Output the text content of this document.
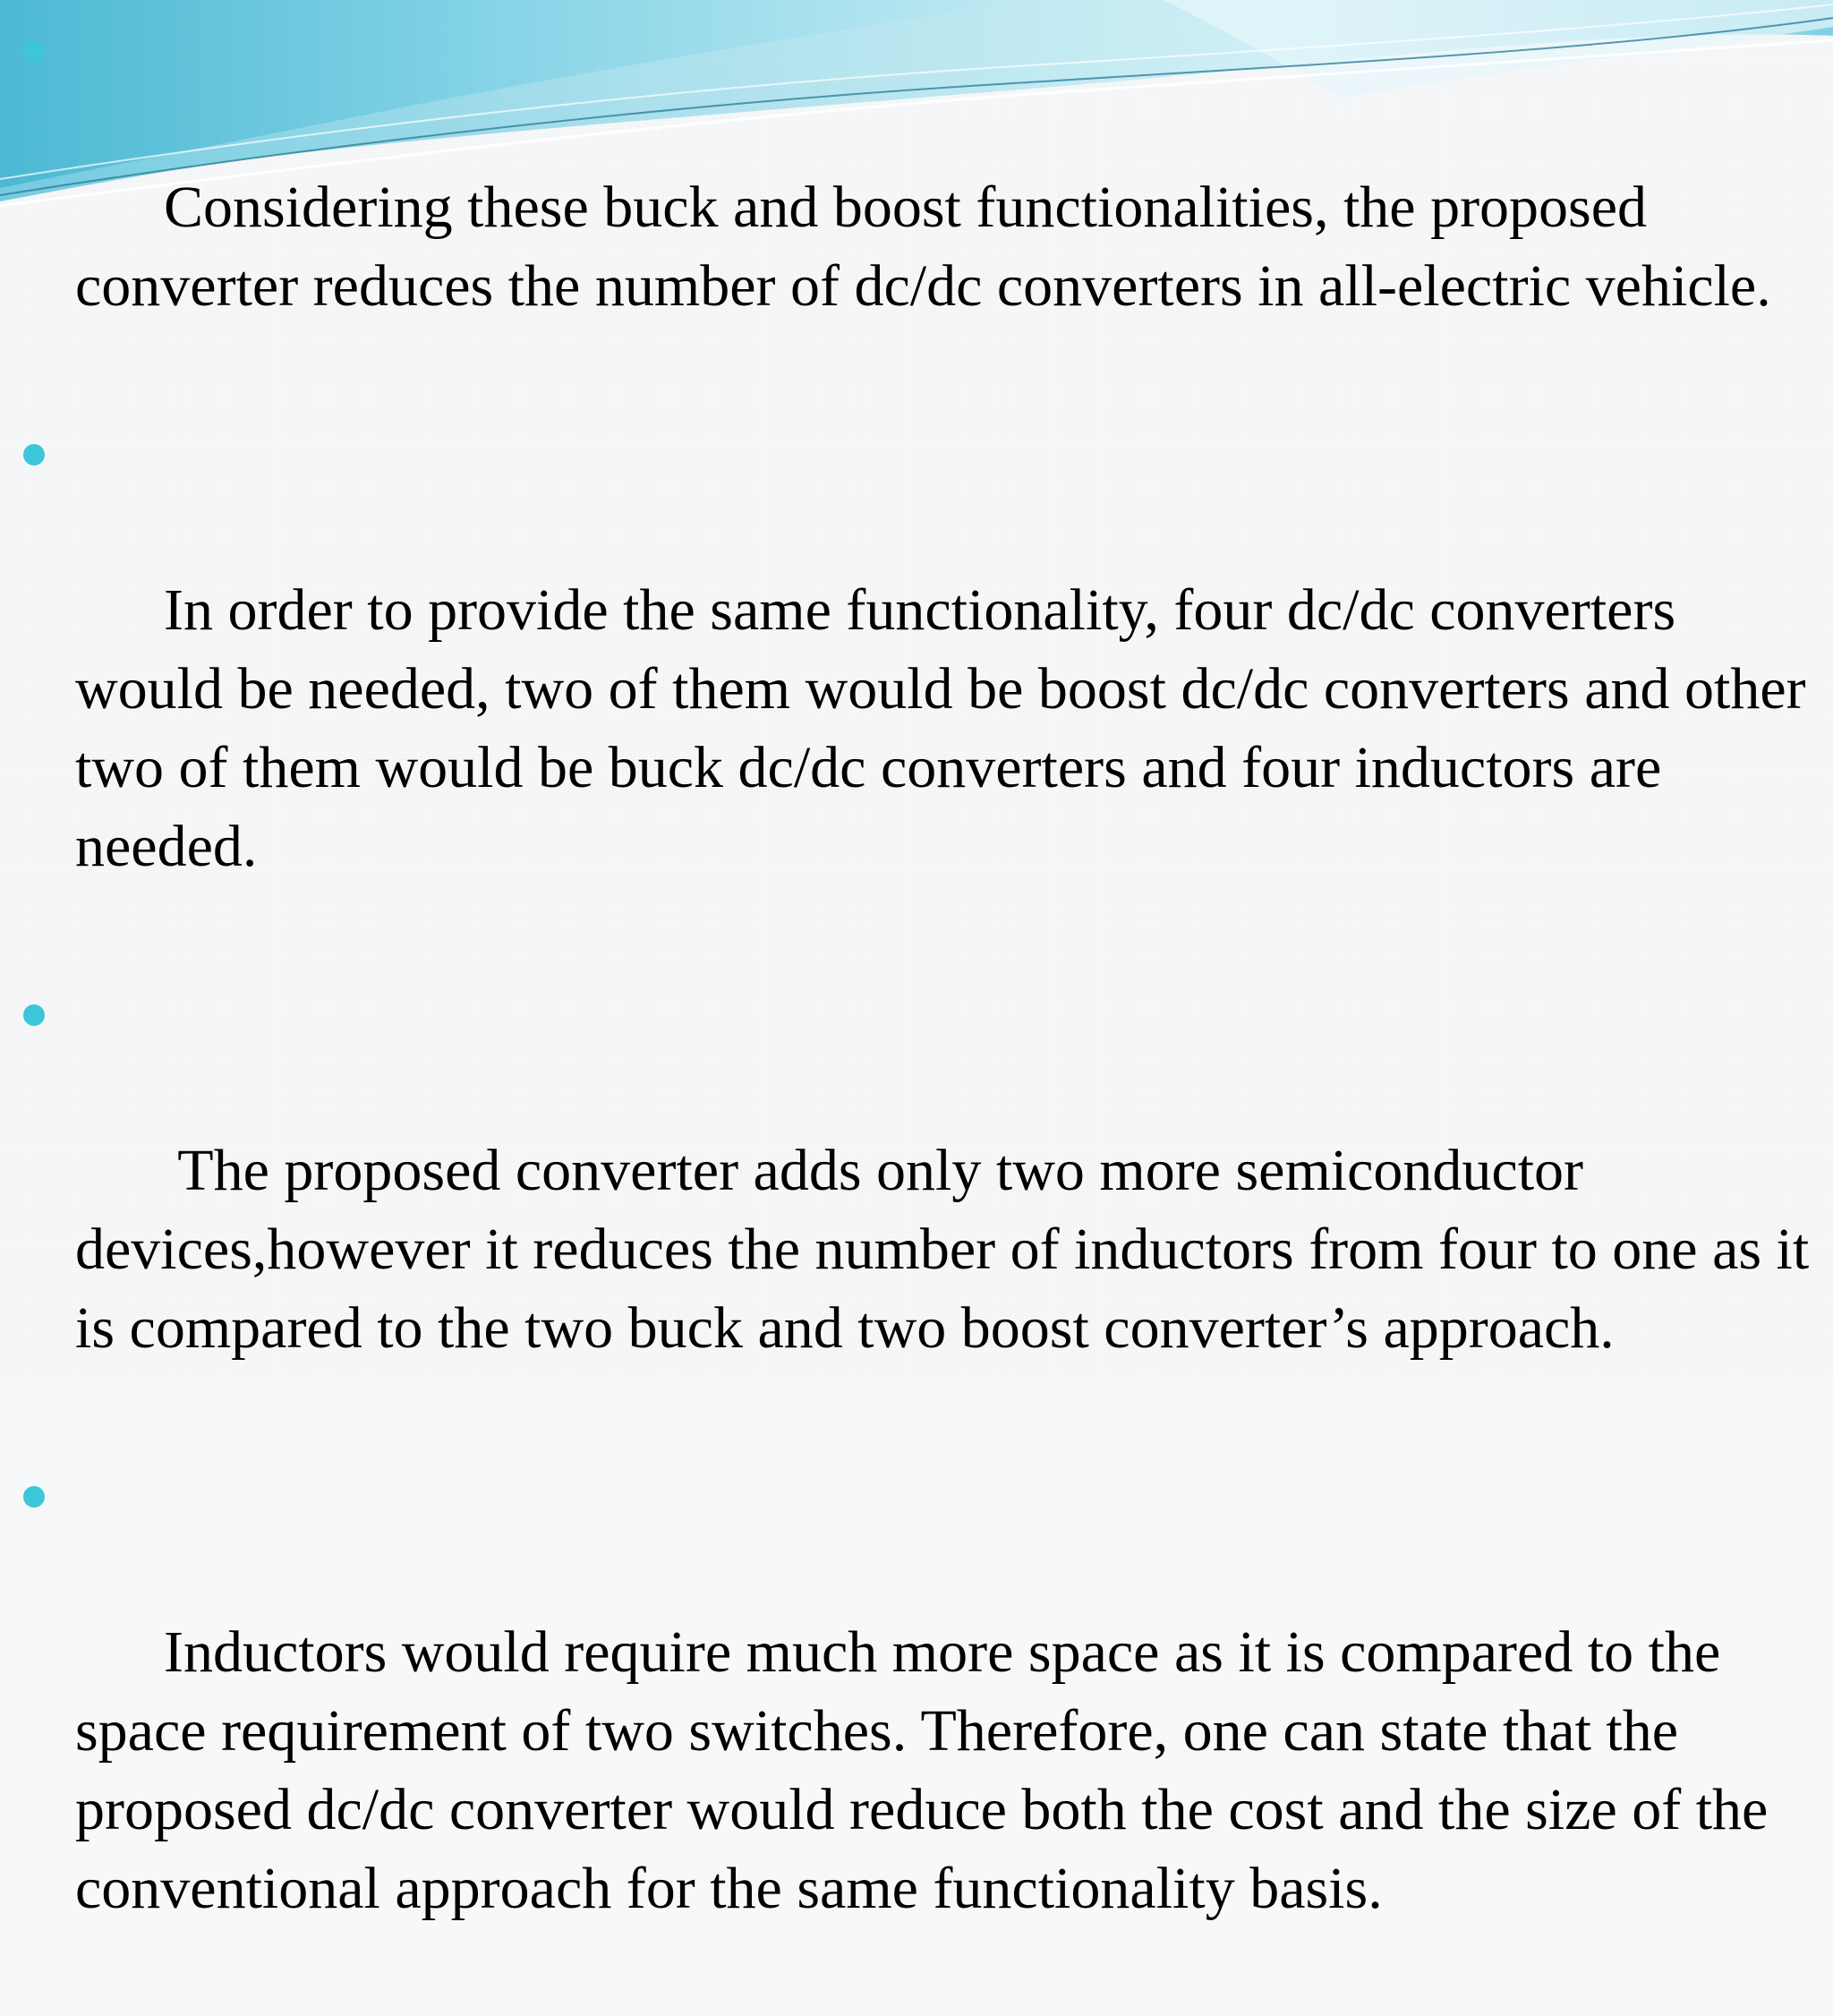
Considering these buck and boost functionalities, the proposed converter reduces the number of dc/dc converters in all-electric vehicle.

In order to provide the same functionality, four dc/dc converters would be needed, two of them would be boost dc/dc converters and other two of them would be buck dc/dc converters and four inductors are needed.

The proposed converter adds only two more semiconductor devices,however it reduces the number of inductors from four to one as it is compared to the two buck and two boost converter’s approach.

Inductors would require much more space as it is compared to the space requirement of two switches. Therefore, one can state that the proposed dc/dc converter would reduce both the cost and the size of the conventional approach for the same functionality basis.
